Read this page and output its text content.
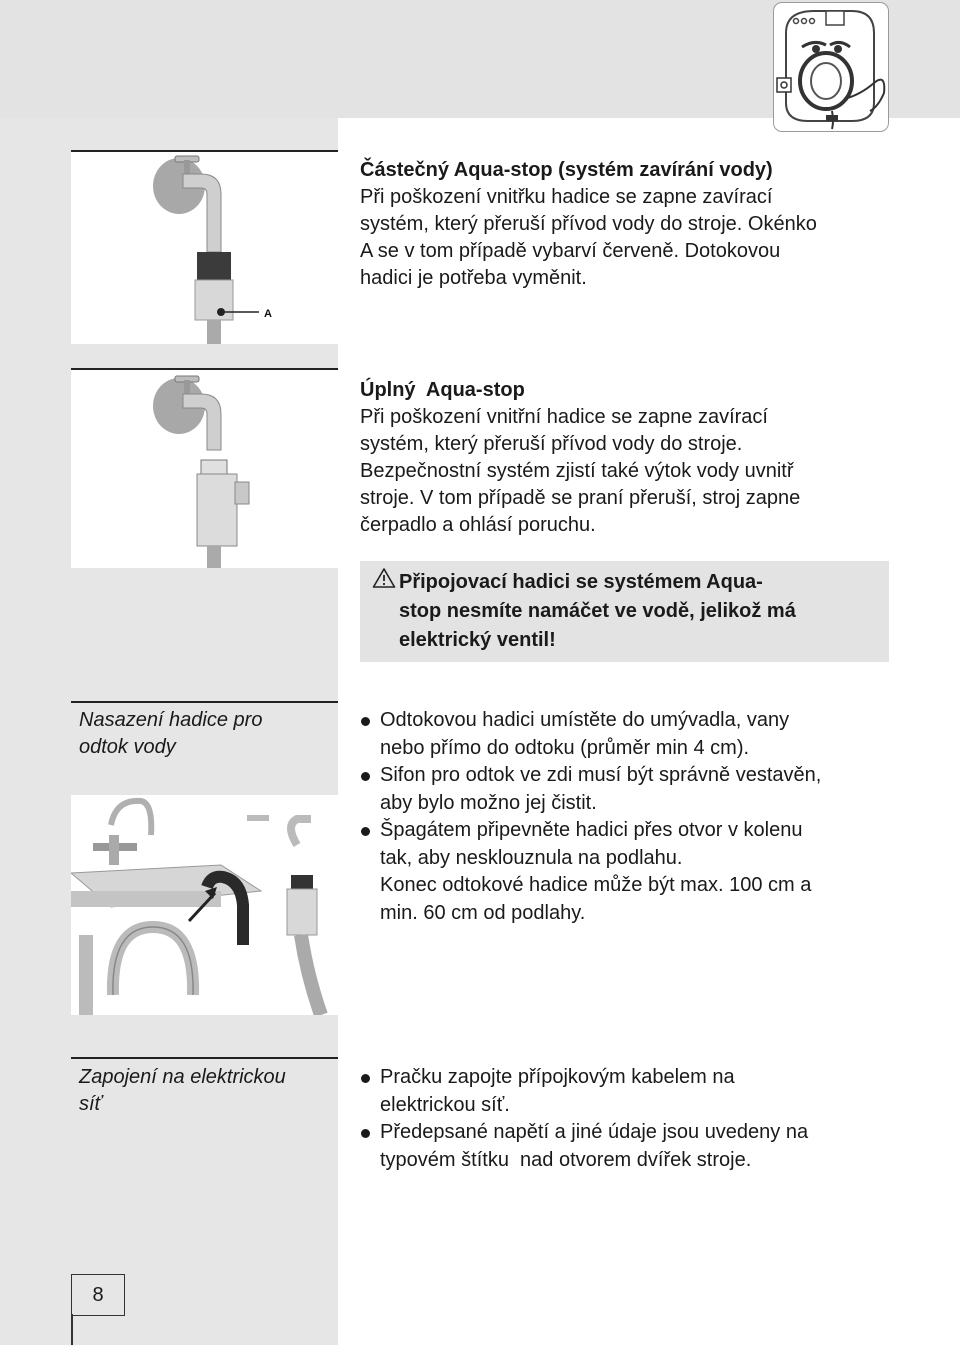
A
Částečný Aqua-stop (systém zavírání vody)
Při poškození vnitřku hadice se zapne zavírací
systém, který přeruší přívod vody do stroje. Okénko
A se v tom případě vybarví červeně. Dotokovou
hadici je potřeba vyměnit.
Úplný  Aqua-stop
Při poškození vnitřní hadice se zapne zavírací
systém, který přeruší přívod vody do stroje.
Bezpečnostní systém zjistí také výtok vody uvnitř
stroje. V tom případě se praní přeruší, stroj zapne
čerpadlo a ohlásí poruchu.
Připojovací hadici se systémem Aqua-
stop nesmíte namáčet ve vodě, jelikož má
elektrický ventil!
Nasazení hadice pro
odtok vody
Odtokovou hadici umístěte do umývadla, vany
nebo přímo do odtoku (průměr min 4 cm).
Sifon pro odtok ve zdi musí být správně vestavěn,
aby bylo možno jej čistit.
Špagátem připevněte hadici přes otvor v kolenu
tak, aby nesklouznula na podlahu.
Konec odtokové hadice může být max. 100 cm a
min. 60 cm od podlahy.
Zapojení na elektrickou
síť
Pračku zapojte přípojkovým kabelem na
elektrickou síť.
Předepsané napětí a jiné údaje jsou uvedeny na
typovém štítku  nad otvorem dvířek stroje.
8
